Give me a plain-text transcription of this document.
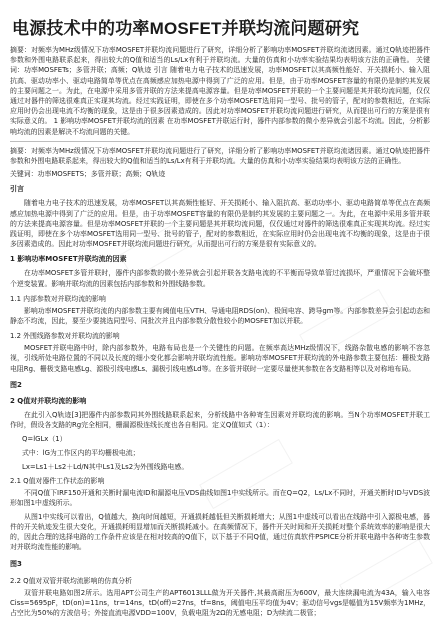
电源技术中的功率MOSFET并联均流问题研究

摘要：对频率为MHz级情况下功率MOSFET并联均流问题进行了研究，详细分析了影响功率MOSFET并联均流诸因素。通过Q轨迹把器件参数和外围电路联系起来，得出较大的Q值和适当的Ls/Lx有利于并联均流。大量的仿真和小功率实验结果均表明该方法的正确性。 关键词：功率MOSFETs；多管并联；高频；Q轨迹 引言 随着电力电子技术的迅速发展，功率MOSFET以其高频性能好、开关损耗小、输入阻抗高、驱动功率小、驱动电路简单等优点在高频感应加热电源中得到了广泛的应用。但是，由于功率MOSFET容量的有限仍是制约其发展的主要问题之一。为此，在电源中采用多管并联的方法来提高电源容量。但是功率MOSFET并联的一个主要问题是其并联均流问题，仅仅通过对器件的筛选很难真正实现其均流。经过实践证明，即使在多个功率MOSFET选用同一型号、批号的管子，配对的参数相近，在实际应用时仍会出现电流不均衡的现象，这是由于很多因素造成的。因此对功率MOSFET并联均流问题进行研究，从而提出可行的方案是很有实际意义的。 1 影响功率MOSFET并联均流的因素 在功率MOSFET并联运行时，器件内部参数的微小差异就会引起不均流。因此，分析影响均流的因素是解决不均流问题的关键。

摘要：对频率为MHz级情况下功率MOSFET并联均流问题进行了研究，详细分析了影响功率MOSFET并联均流诸因素。通过Q轨迹把器件参数和外围电路联系起来，得出较大的Q值和适当的Ls/Lx有利于并联均流。大量的仿真和小功率实验结果均表明该方法的正确性。

关键词：功率MOSFETS；多管并联；高频；Q轨迹

引言

随着电力电子技术的迅速发展，功率MOSFET以其高频性能好、开关损耗小、输入阻抗高、驱动功率小、驱动电路简单等优点在高频感应加热电源中得到了广泛的应用。但是，由于功率MOSFET容量的有限仍是制约其发展的主要问题之一。为此，在电源中采用多管并联的方法来提高电源容量。但是功率MOSFET并联的一个主要问题是其并联均流问题，仅仅通过对器件的筛选很难真正实现其均流。经过实践证明，即使在多个功率MOSFET选用同一型号、批号的管子，配对的参数相近，在实际应用时仍会出现电流不均衡的现象，这是由于很多因素造成的。因此对功率MOSFET并联均流问题进行研究，从而提出可行的方案是很有实际意义的。

1 影响功率MOSFET并联均流的因素

在功率MOSFET多管并联时，器件内部参数的微小差异就会引起并联各支路电流的不平衡而导致单管过流损坏，严重情况下会破坏整个逆变装置。影响并联均流的因素包括内部参数和外围线路参数。

1.1 内部参数对并联均流的影响

影响功率MOSFET并联均流的内部参数主要有阈值电压VTH、导通电阻RDS(on)、极间电容、跨导gm等。内部参数差异会引起动态和静态不均流，因此，要至少要挑选同型号、同批次并且内部参数分散性较小的MOSFET加以并联。

1.2 外围线路参数对并联均流的影响

MOSFET并联电路中时，除内部参数外，电路布局也是一个关键性的问题。在频率高达MHz级情况下，线路杂散电感的影响不容忽视，引线所处电路位置的不同以及长度的细小变化都会影响并联均流性能。影响功率MOSFET并联均流的外电路参数主要包括：栅极支路电阻Rg、栅极支路电感Lg、源极引线电感Ls、漏极引线电感Ld等。在多管并联时一定要尽量使其参数在各支路相等以及对称地布局。

图2
2 Q值对并联均流的影响

在此引入Q轨迹[3]把器件内部参数同其外围线路联系起来，分析线路中各种寄生因素对并联均流的影响。当N个功率MOSFET并联工作时，假设各支路的Rg完全相同，栅漏源极连线长度也各自相同。定义Q值如式（1）：

Q=lGLx（1）
式中：lG为工作区内的平均栅极电流；
Lx=Ls1＋Ls2＋Ld/N其中Ls1及Ls2为外围线路电感。
2.1 Q值对器件工作状态的影响

不同Q值下IRF150开通和关断时漏电流ID和漏源电压VDS曲线如图1中实线所示。而在Q=Q2，Ls/Lx不同时，开通关断时ID与VDS波形如图1中虚线所示。

从图1中实线可以看出，Q值越大，换向时间越短，开通损耗越低但关断损耗增大；从图1中虚线可以看出在线路中引入源极电感，器件的开关轨迹发生很大变化，开通损耗明显增加而关断损耗减小。在高频情况下，器件开关时间和开关损耗对整个系统效率的影响是很大的，因此合理的选择电路的工作条件应该是在相对较高的Q值下，以下基于不同Q值，通过仿真软件PSPICE分析并联电路中各种寄生参数对并联均流性能的影响。

图3
2.2 Q值对双管并联均流影响的仿真分析

双管并联电路如图2所示。选用APT公司生产的APT6013LLL做为开关器件,其最高耐压为600V，最大连续漏电流为43A，输入电容Ciss=5695pF，tD(on)=11ns，tr=14ns，tD(off)=27ns，tf=8ns，阈值电压平均值为4V；驱动信号vgs是幅值为15V频率为1MHz，占空比为50%的方波信号；外接直流电源VDD=100V，负载电阻为2Ω的无感电阻；D为续流二极管；
